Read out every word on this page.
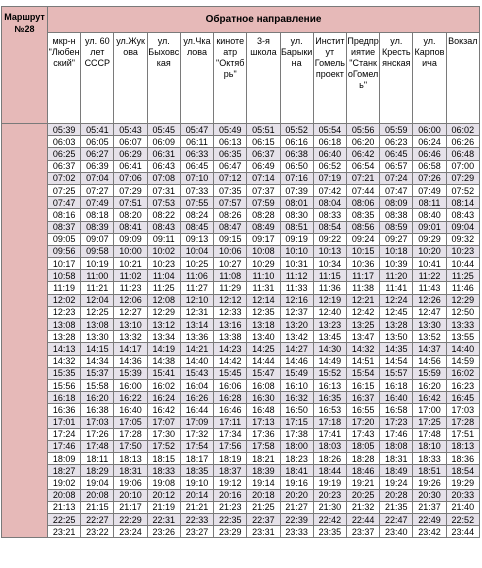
Маршрут №28	Обратное направление												
	мкр-н "Любенский"	ул. 60 лет СССР	ул.Жукова	ул. Быховская	ул.Чкалова	кинотеатр "Октябрь"	3-я школа	ул. Барыкина	Институт Гомельпроект	Предприятие "СтанкоГомель"	ул. Крестьянская	ул. Карповича	Вокзал
	05:39	05:41	05:43	05:45	05:47	05:49	05:51	05:52	05:54	05:56	05:59	06:00	06:02
	06:03	06:05	06:07	06:09	06:11	06:13	06:15	06:16	06:18	06:20	06:23	06:24	06:26
	06:25	06:27	06:29	06:31	06:33	06:35	06:37	06:38	06:40	06:42	06:45	06:46	06:48
	06:37	06:39	06:41	06:43	06:45	06:47	06:49	06:50	06:52	06:54	06:57	06:58	07:00
	07:02	07:04	07:06	07:08	07:10	07:12	07:14	07:16	07:19	07:21	07:24	07:26	07:29
	07:25	07:27	07:29	07:31	07:33	07:35	07:37	07:39	07:42	07:44	07:47	07:49	07:52
	07:47	07:49	07:51	07:53	07:55	07:57	07:59	08:01	08:04	08:06	08:09	08:11	08:14
	08:16	08:18	08:20	08:22	08:24	08:26	08:28	08:30	08:33	08:35	08:38	08:40	08:43
	08:37	08:39	08:41	08:43	08:45	08:47	08:49	08:51	08:54	08:56	08:59	09:01	09:04
	09:05	09:07	09:09	09:11	09:13	09:15	09:17	09:19	09:22	09:24	09:27	09:29	09:32
	09:56	09:58	10:00	10:02	10:04	10:06	10:08	10:10	10:13	10:15	10:18	10:20	10:23
	10:17	10:19	10:21	10:23	10:25	10:27	10:29	10:31	10:34	10:36	10:39	10:41	10:44
	10:58	11:00	11:02	11:04	11:06	11:08	11:10	11:12	11:15	11:17	11:20	11:22	11:25
	11:19	11:21	11:23	11:25	11:27	11:29	11:31	11:33	11:36	11:38	11:41	11:43	11:46
	12:02	12:04	12:06	12:08	12:10	12:12	12:14	12:16	12:19	12:21	12:24	12:26	12:29
	12:23	12:25	12:27	12:29	12:31	12:33	12:35	12:37	12:40	12:42	12:45	12:47	12:50
	13:08	13:08	13:10	13:12	13:14	13:16	13:18	13:20	13:23	13:25	13:28	13:30	13:33
	13:28	13:30	13:32	13:34	13:36	13:38	13:40	13:42	13:45	13:47	13:50	13:52	13:55
	14:13	14:15	14:17	14:19	14:21	14:23	14:25	14:27	14:30	14:32	14:35	14:37	14:40
	14:32	14:34	14:36	14:38	14:40	14:42	14:44	14:46	14:49	14:51	14:54	14:56	14:59
	15:35	15:37	15:39	15:41	15:43	15:45	15:47	15:49	15:52	15:54	15:57	15:59	16:02
	15:56	15:58	16:00	16:02	16:04	16:06	16:08	16:10	16:13	16:15	16:18	16:20	16:23
	16:18	16:20	16:22	16:24	16:26	16:28	16:30	16:32	16:35	16:37	16:40	16:42	16:45
	16:36	16:38	16:40	16:42	16:44	16:46	16:48	16:50	16:53	16:55	16:58	17:00	17:03
	17:01	17:03	17:05	17:07	17:09	17:11	17:13	17:15	17:18	17:20	17:23	17:25	17:28
	17:24	17:26	17:28	17:30	17:32	17:34	17:36	17:38	17:41	17:43	17:46	17:48	17:51
	17:46	17:48	17:50	17:52	17:54	17:56	17:58	18:00	18:03	18:05	18:08	18:10	18:13
	18:09	18:11	18:13	18:15	18:17	18:19	18:21	18:23	18:26	18:28	18:31	18:33	18:36
	18:27	18:29	18:31	18:33	18:35	18:37	18:39	18:41	18:44	18:46	18:49	18:51	18:54
	19:02	19:04	19:06	19:08	19:10	19:12	19:14	19:16	19:19	19:21	19:24	19:26	19:29
	20:08	20:08	20:10	20:12	20:14	20:16	20:18	20:20	20:23	20:25	20:28	20:30	20:33
	21:13	21:15	21:17	21:19	21:21	21:23	21:25	21:27	21:30	21:32	21:35	21:37	21:40
	22:25	22:27	22:29	22:31	22:33	22:35	22:37	22:39	22:42	22:44	22:47	22:49	22:52
	23:21	23:22	23:24	23:26	23:27	23:29	23:31	23:33	23:35	23:37	23:40	23:42	23:44
